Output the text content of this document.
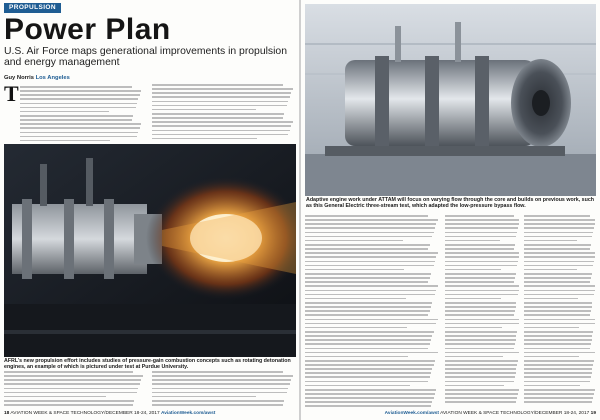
PROPULSION
Power Plan
U.S. Air Force maps generational improvements in propulsion and energy management
Guy Norris Los Angeles
T
AFRL’s new propulsion effort includes studies of pressure-gain combustion concepts such as rotating detonation engines, an example of which is pictured under test at Purdue University.
18 AVIATION WEEK & SPACE TECHNOLOGY/DECEMBER 18-24, 2017 AviationWeek.com/awst
Adaptive engine work under ATTAM will focus on varying flow through the core and builds on previous work, such as this General Electric three-stream test, which adapted the low-pressure bypass flow.
AviationWeek.com/awst AVIATION WEEK & SPACE TECHNOLOGY/DECEMBER 18-24, 2017 19
